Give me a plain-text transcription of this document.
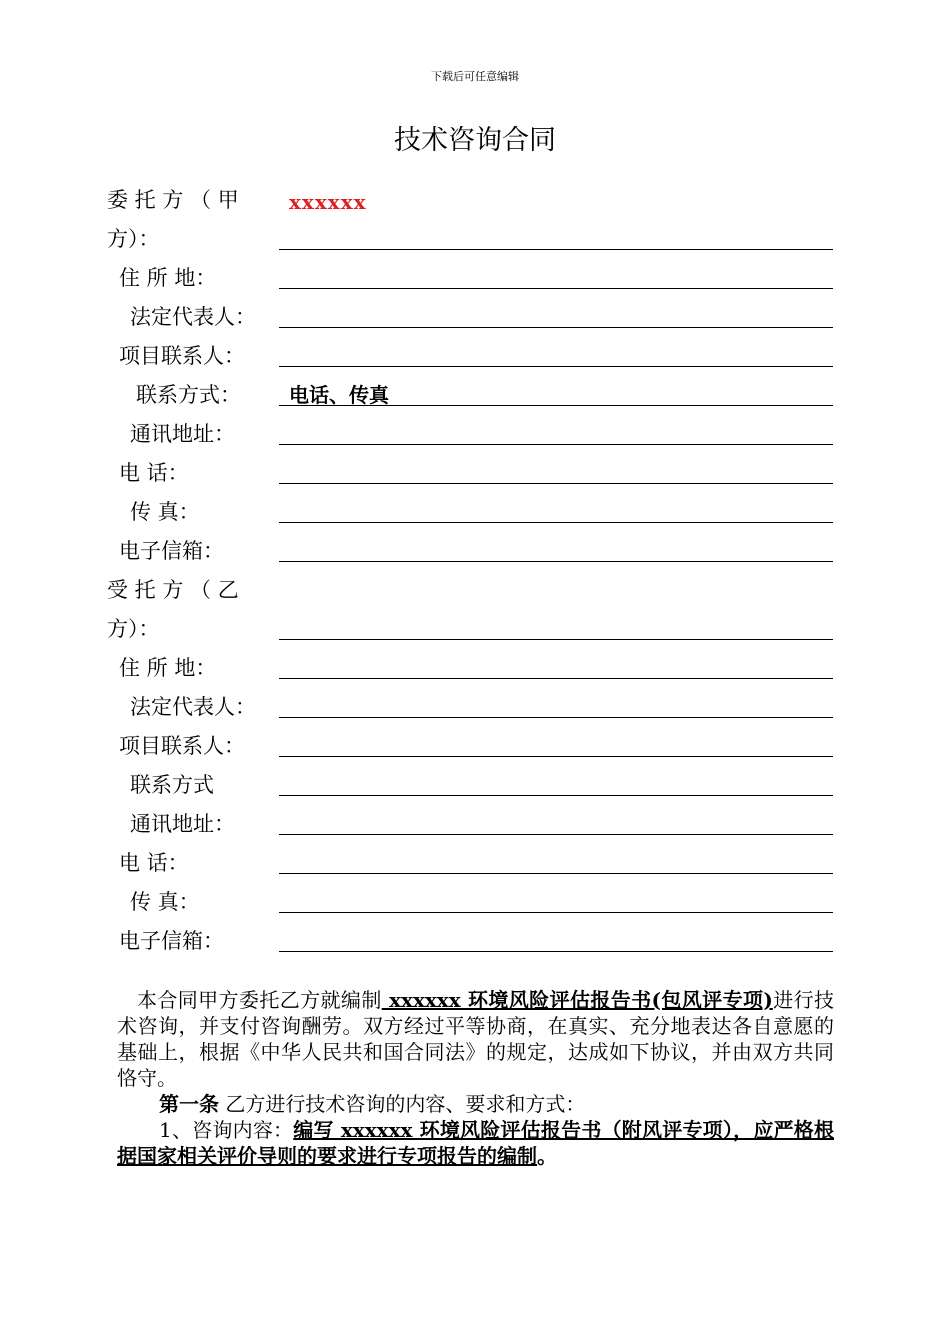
下载后可任意编辑
技术咨询合同
委 托 方 （ 甲	xxxxxx
方）：
住 所 地：
法定代表人：
项目联系人：
联系方式： 电话、传真
通讯地址：
电 话：
传 真：
电子信箱：
受 托 方 （ 乙
方）：
住 所 地：
法定代表人：
项目联系人：
联系方式
通讯地址：
电 话：
传 真：
电子信箱：
本合同甲方委托乙方就编制 xxxxxx 环境风险评估报告书(包风评专项)进行技术咨询，并支付咨询酬劳。双方经过平等协商，在真实、充分地表达各自意愿的基础上，根据《中华人民共和国合同法》的规定，达成如下协议，并由双方共同恪守。
第一条 乙方进行技术咨询的内容、要求和方式：
1、咨询内容：编写 xxxxxx 环境风险评估报告书（附风评专项），应严格根据国家相关评价导则的要求进行专项报告的编制。
